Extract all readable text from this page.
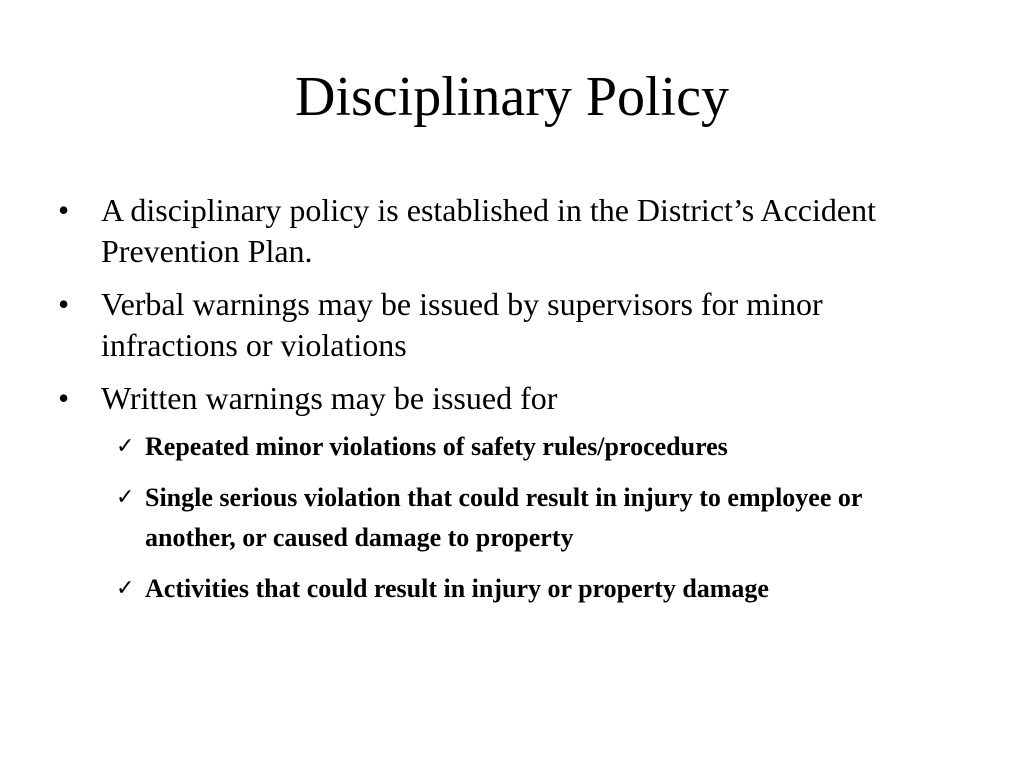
Disciplinary Policy
• A disciplinary policy is established in the District’s Accident Prevention Plan.
• Verbal warnings may be issued by supervisors for minor infractions or violations
• Written warnings may be issued for
✓ Repeated minor violations of safety rules/procedures
✓ Single serious violation that could result in injury to employee or another, or caused damage to property
✓ Activities that could result in injury or property damage
